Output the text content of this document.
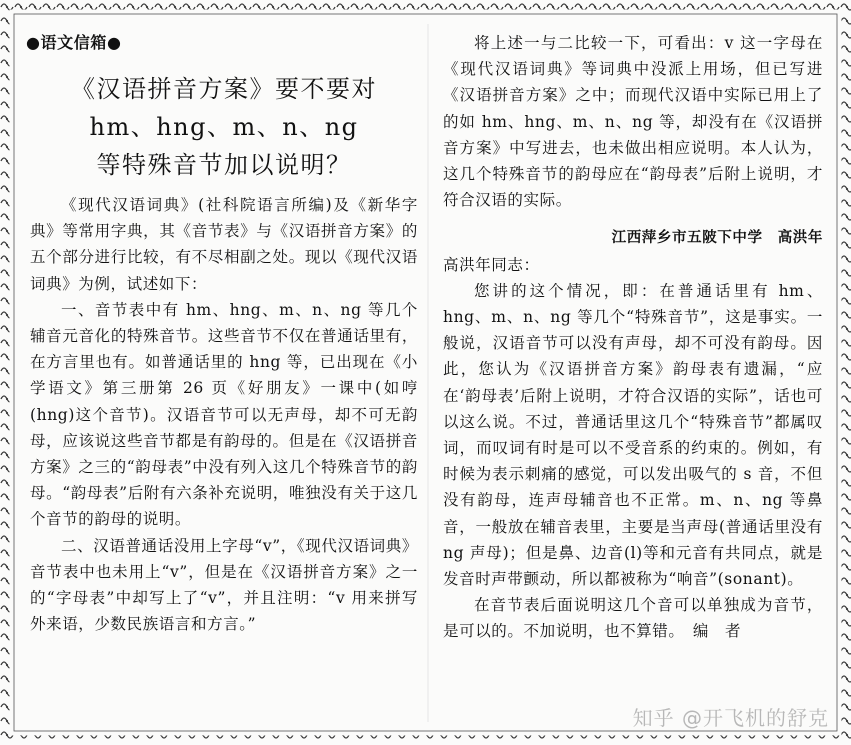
●语文信箱●

《汉语拼音方案》要不要对
hm、hng、m、n、ng
等特殊音节加以说明？

《现代汉语词典》(社科院语言所编)及《新华字典》等常用字典，其《音节表》与《汉语拼音方案》的五个部分进行比较，有不尽相副之处。现以《现代汉语词典》为例，试述如下：

一、音节表中有 hm、hng、m、n、ng 等几个辅音元音化的特殊音节。这些音节不仅在普通话里有，在方言里也有。如普通话里的 hng 等，已出现在《小学语文》第三册第 26 页《好朋友》一课中(如哼(hng)这个音节)。汉语音节可以无声母，却不可无韵母，应该说这些音节都是有韵母的。但是在《汉语拼音方案》之三的“韵母表”中没有列入这几个特殊音节的韵母。“韵母表”后附有六条补充说明，唯独没有关于这几个音节的韵母的说明。

二、汉语普通话没用上字母“v”，《现代汉语词典》音节表中也未用上“v”，但是在《汉语拼音方案》之一的“字母表”中却写上了“v”，并且注明：“v 用来拼写外来语，少数民族语言和方言。”

将上述一与二比较一下，可看出：v 这一字母在《现代汉语词典》等词典中没派上用场，但已写进《汉语拼音方案》之中；而现代汉语中实际已用上了的如 hm、hng、m、n、ng 等，却没有在《汉语拼音方案》中写进去，也未做出相应说明。本人认为，这几个特殊音节的韵母应在“韵母表”后附上说明，才符合汉语的实际。

江西萍乡市五陂下中学　高洪年

高洪年同志：

您讲的这个情况，即：在普通话里有 hm、hng、m、n、ng 等几个“特殊音节”，这是事实。一般说，汉语音节可以没有声母，却不可没有韵母。因此，您认为《汉语拼音方案》韵母表有遗漏，“应在‘韵母表’后附上说明，才符合汉语的实际”，话也可以这么说。不过，普通话里这几个“特殊音节”都属叹词，而叹词有时是可以不受音系的约束的。例如，有时候为表示刺痛的感觉，可以发出吸气的 s 音，不但没有韵母，连声母辅音也不正常。m、n、ng 等鼻音，一般放在辅音表里，主要是当声母(普通话里没有 ng 声母)；但是鼻、边音(l)等和元音有共同点，就是发音时声带颤动，所以都被称为“响音”(sonant)。

在音节表后面说明这几个音可以单独成为音节，是可以的。不加说明，也不算错。　编　者

知乎 @开飞机的舒克
